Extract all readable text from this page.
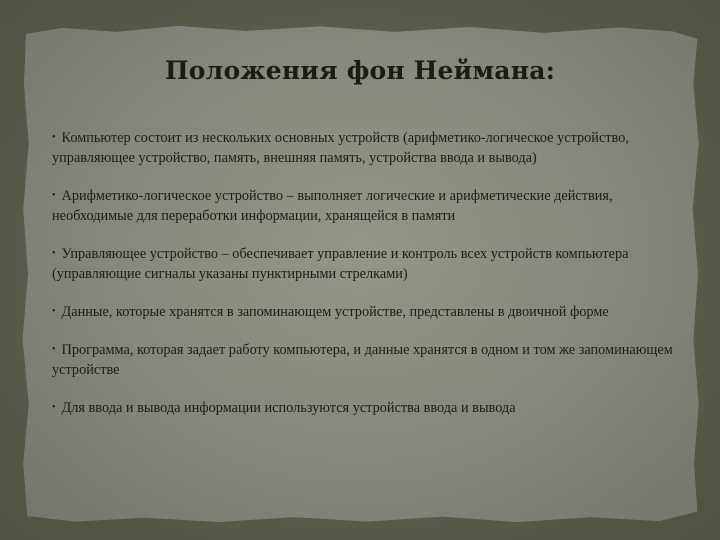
Положения фон Неймана:
• Компьютер состоит из нескольких основных устройств (арифметико-логическое устройство, управляющее устройство, память, внешняя память, устройства ввода и вывода)
• Арифметико-логическое устройство – выполняет логические и арифметические действия, необходимые для переработки информации, хранящейся в памяти
• Управляющее устройство – обеспечивает управление и контроль всех устройств компьютера (управляющие сигналы указаны пунктирными стрелками)
• Данные, которые хранятся в запоминающем устройстве, представлены в двоичной форме
• Программа, которая задает работу компьютера, и данные хранятся в одном и том же запоминающем устройстве
• Для ввода и вывода информации используются устройства ввода и вывода
